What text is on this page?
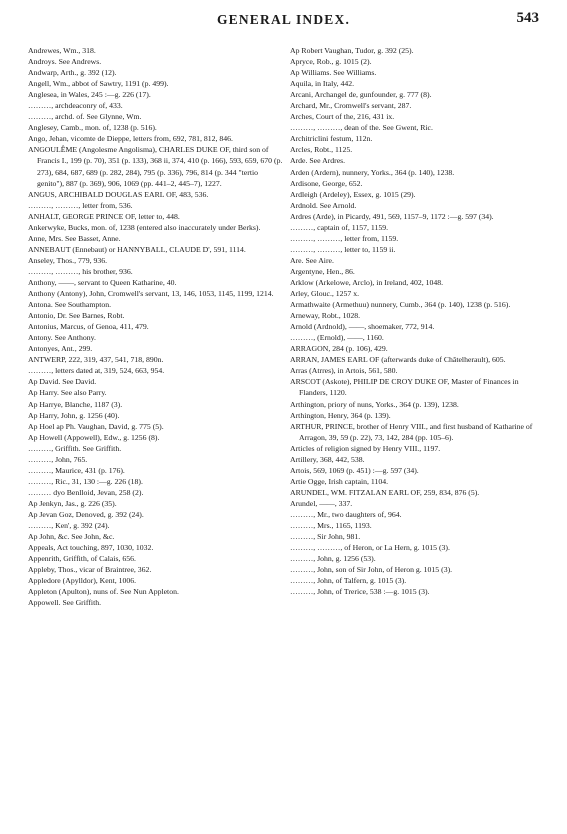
GENERAL INDEX.	543

Andrewes, Wm., 318.

Androys. See Andrews.

Andwarp, Arth., g. 392 (12).

Angell, Wm., abbot of Sawtry, 1191 (p. 499).

Anglesea, in Wales, 245 :—g. 226 (17).

………, archdeaconry of, 433.

………, archd. of. See Glynne, Wm.

Anglesey, Camb., mon. of, 1238 (p. 516).

Ango, Jehan, vicomte de Dieppe, letters from, 692, 781, 812, 846.

ANGOULÊME (Angolesme Angolisma), CHARLES DUKE OF, third son of Francis I., 199 (p. 70), 351 (p. 133), 368 ii, 374, 410 (p. 166), 593, 659, 670 (p. 273), 684, 687, 689 (p. 282, 284), 795 (p. 336), 796, 814 (p. 344 "tertio genito"), 887 (p. 369), 906, 1069 (pp. 441–2, 445–7), 1227.

ANGUS, ARCHIBALD DOUGLAS EARL OF, 483, 536.

………, ………, letter from, 536.

ANHALT, GEORGE PRINCE OF, letter to, 448.

Ankerwyke, Bucks, mon. of, 1238 (entered also inaccurately under Berks).

Anne, Mrs. See Basset, Anne.

ANNEBAUT (Ennebaut) or HANNYBALL, CLAUDE D', 591, 1114.

Anseley, Thos., 779, 936.

………, ………, his brother, 936.

Anthony, ——, servant to Queen Katharine, 40.

Anthony (Antony), John, Cromwell's servant, 13, 146, 1053, 1145, 1199, 1214.

Antona. See Southampton.

Antonio, Dr. See Barnes, Robt.

Antonius, Marcus, of Genoa, 411, 479.

Antony. See Anthony.

Antonyes, Ant., 299.

ANTWERP, 222, 319, 437, 541, 718, 890n.

………, letters dated at, 319, 524, 663, 954.

Ap David. See David.

Ap Harry. See also Parry.

Ap Harrye, Blanche, 1187 (3).

Ap Harry, John, g. 1256 (40).

Ap Hoel ap Ph. Vaughan, David, g. 775 (5).

Ap Howell (Appowell), Edw., g. 1256 (8).

………, Griffith. See Griffith.

………, John, 765.

………, Maurice, 431 (p. 176).

………, Ric., 31, 130 :—g. 226 (18).

……… dyo Benlloid, Jevan, 258 (2).

Ap Jenkyn, Jas., g. 226 (35).

Ap Jevan Goz, Denoved, g. 392 (24).

………, Ken', g. 392 (24).

Ap John, &c. See John, &c.

Appeals, Act touching, 897, 1030, 1032.

Appenrith, Griffith, of Calais, 656.

Appleby, Thos., vicar of Braintree, 362.

Appledore (Apylldor), Kent, 1006.

Appleton (Apulton), nuns of. See Nun Appleton.

Appowell. See Griffith.

Ap Robert Vaughan, Tudor, g. 392 (25).

Apryce, Rob., g. 1015 (2).

Ap Williams. See Williams.

Aquila, in Italy, 442.

Arcani, Archangel de, gunfounder, g. 777 (8).

Archard, Mr., Cromwell's servant, 287.

Arches, Court of the, 216, 431 ix.

………, ………, dean of the. See Gwent, Ric.

Architriclini festum, 112n.

Arcles, Robt., 1125.

Arde. See Ardres.

Arden (Ardern), nunnery, Yorks., 364 (p. 140), 1238.

Ardisone, George, 652.

Ardleigh (Ardeley), Essex, g. 1015 (29).

Ardnold. See Arnold.

Ardres (Arde), in Picardy, 491, 569, 1157–9, 1172 :—g. 597 (34).

………, captain of, 1157, 1159.

………, ………, letter from, 1159.

………, ………, letter to, 1159 ii.

Are. See Aire.

Argentyne, Hen., 86.

Arklow (Arkelowe, Arclo), in Ireland, 402, 1048.

Arley, Glouc., 1257 x.

Armathwaite (Armethuu) nunnery, Cumb., 364 (p. 140), 1238 (p. 516).

Arneway, Robt., 1028.

Arnold (Ardnold), ——, shoemaker, 772, 914.

………, (Ernold), ——, 1160.

ARRAGON, 284 (p. 106), 429.

ARRAN, JAMES EARL OF (afterwards duke of Châtelherault), 605.

Arras (Atrres), in Artois, 561, 580.

ARSCOT (Askote), PHILIP DE CROY DUKE OF, Master of Finances in Flanders, 1120.

Arthington, priory of nuns, Yorks., 364 (p. 139), 1238.

Arthington, Henry, 364 (p. 139).

ARTHUR, PRINCE, brother of Henry VIII., and first husband of Katharine of Arragon, 39, 59 (p. 22), 73, 142, 284 (pp. 105–6).

Articles of religion signed by Henry VIII., 1197.

Artillery, 368, 442, 538.

Artois, 569, 1069 (p. 451) :—g. 597 (34).

Artie Ogge, Irish captain, 1104.

ARUNDEL, WM. FITZALAN EARL OF, 259, 834, 876 (5).

Arundel, ——, 337.

………, Mr., two daughters of, 964.

………, Mrs., 1165, 1193.

………, Sir John, 981.

………, ………, of Heron, or La Hern, g. 1015 (3).

………, John, g. 1256 (53).

………, John, son of Sir John, of Heron g. 1015 (3).

………, John, of Talfern, g. 1015 (3).

………, John, of Trerice, 538 :—g. 1015 (3).
